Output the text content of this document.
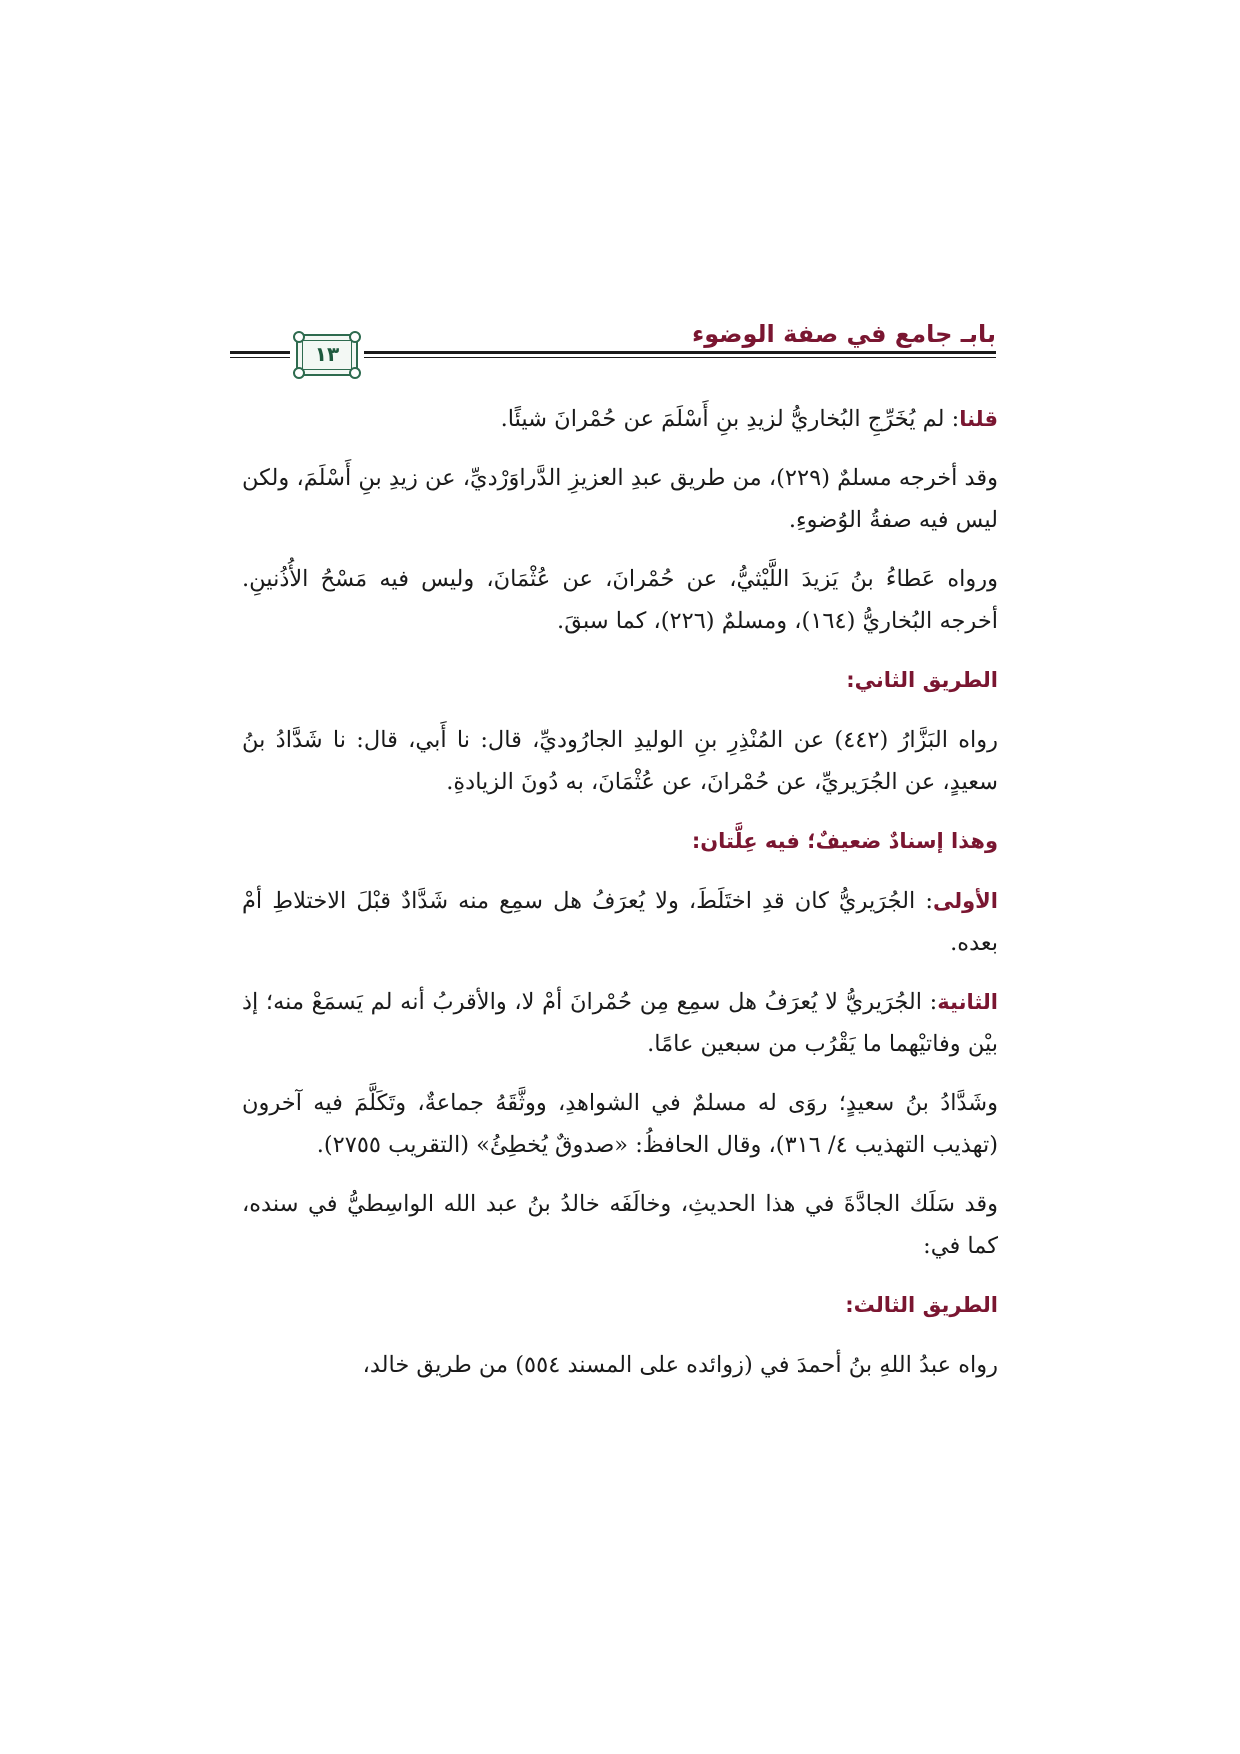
بابـ جامع في صفة الوضوء
١٣

قلنا: لم يُخَرِّجِ البُخاريُّ لزيدِ بنِ أَسْلَمَ عن حُمْرانَ شيئًا.

وقد أخرجه مسلمٌ (٢٢٩)، من طريق عبدِ العزيزِ الدَّراوَرْديِّ، عن زيدِ بنِ أَسْلَمَ، ولكن ليس فيه صفةُ الوُضوءِ.

ورواه عَطاءُ بنُ يَزيدَ اللَّيْثيُّ، عن حُمْرانَ، عن عُثْمَانَ، وليس فيه مَسْحُ الأُذُنينِ. أخرجه البُخاريُّ (١٦٤)، ومسلمٌ (٢٢٦)، كما سبقَ.

الطريق الثاني:

رواه البَزَّارُ (٤٤٢) عن المُنْذِرِ بنِ الوليدِ الجارُوديِّ، قال: نا أَبي، قال: نا شَدَّادُ بنُ سعيدٍ، عن الجُرَيريِّ، عن حُمْرانَ، عن عُثْمَانَ، به دُونَ الزيادةِ.

وهذا إسنادٌ ضعيفٌ؛ فيه عِلَّتان:

الأولى: الجُرَيريُّ كان قدِ اختَلَطَ، ولا يُعرَفُ هل سمِع منه شَدَّادٌ قبْلَ الاختلاطِ أمْ بعده.

الثانية: الجُرَيريُّ لا يُعرَفُ هل سمِع مِن حُمْرانَ أمْ لا، والأقربُ أنه لم يَسمَعْ منه؛ إذ بيْن وفاتيْهما ما يَقْرُب من سبعين عامًا.

وشَدَّادُ بنُ سعيدٍ؛ روَى له مسلمٌ في الشواهدِ، ووثَّقَهُ جماعةٌ، وتَكَلَّمَ فيه آخرون (تهذيب التهذيب ٤/ ٣١٦)، وقال الحافظُ: «صدوقٌ يُخطِئُ» (التقريب ٢٧٥٥).

وقد سَلَك الجادَّةَ في هذا الحديثِ، وخالَفَه خالدُ بنُ عبد الله الواسِطيُّ في سنده، كما في:

الطريق الثالث:

رواه عبدُ اللهِ بنُ أحمدَ في (زوائده على المسند ٥٥٤) من طريق خالد،
